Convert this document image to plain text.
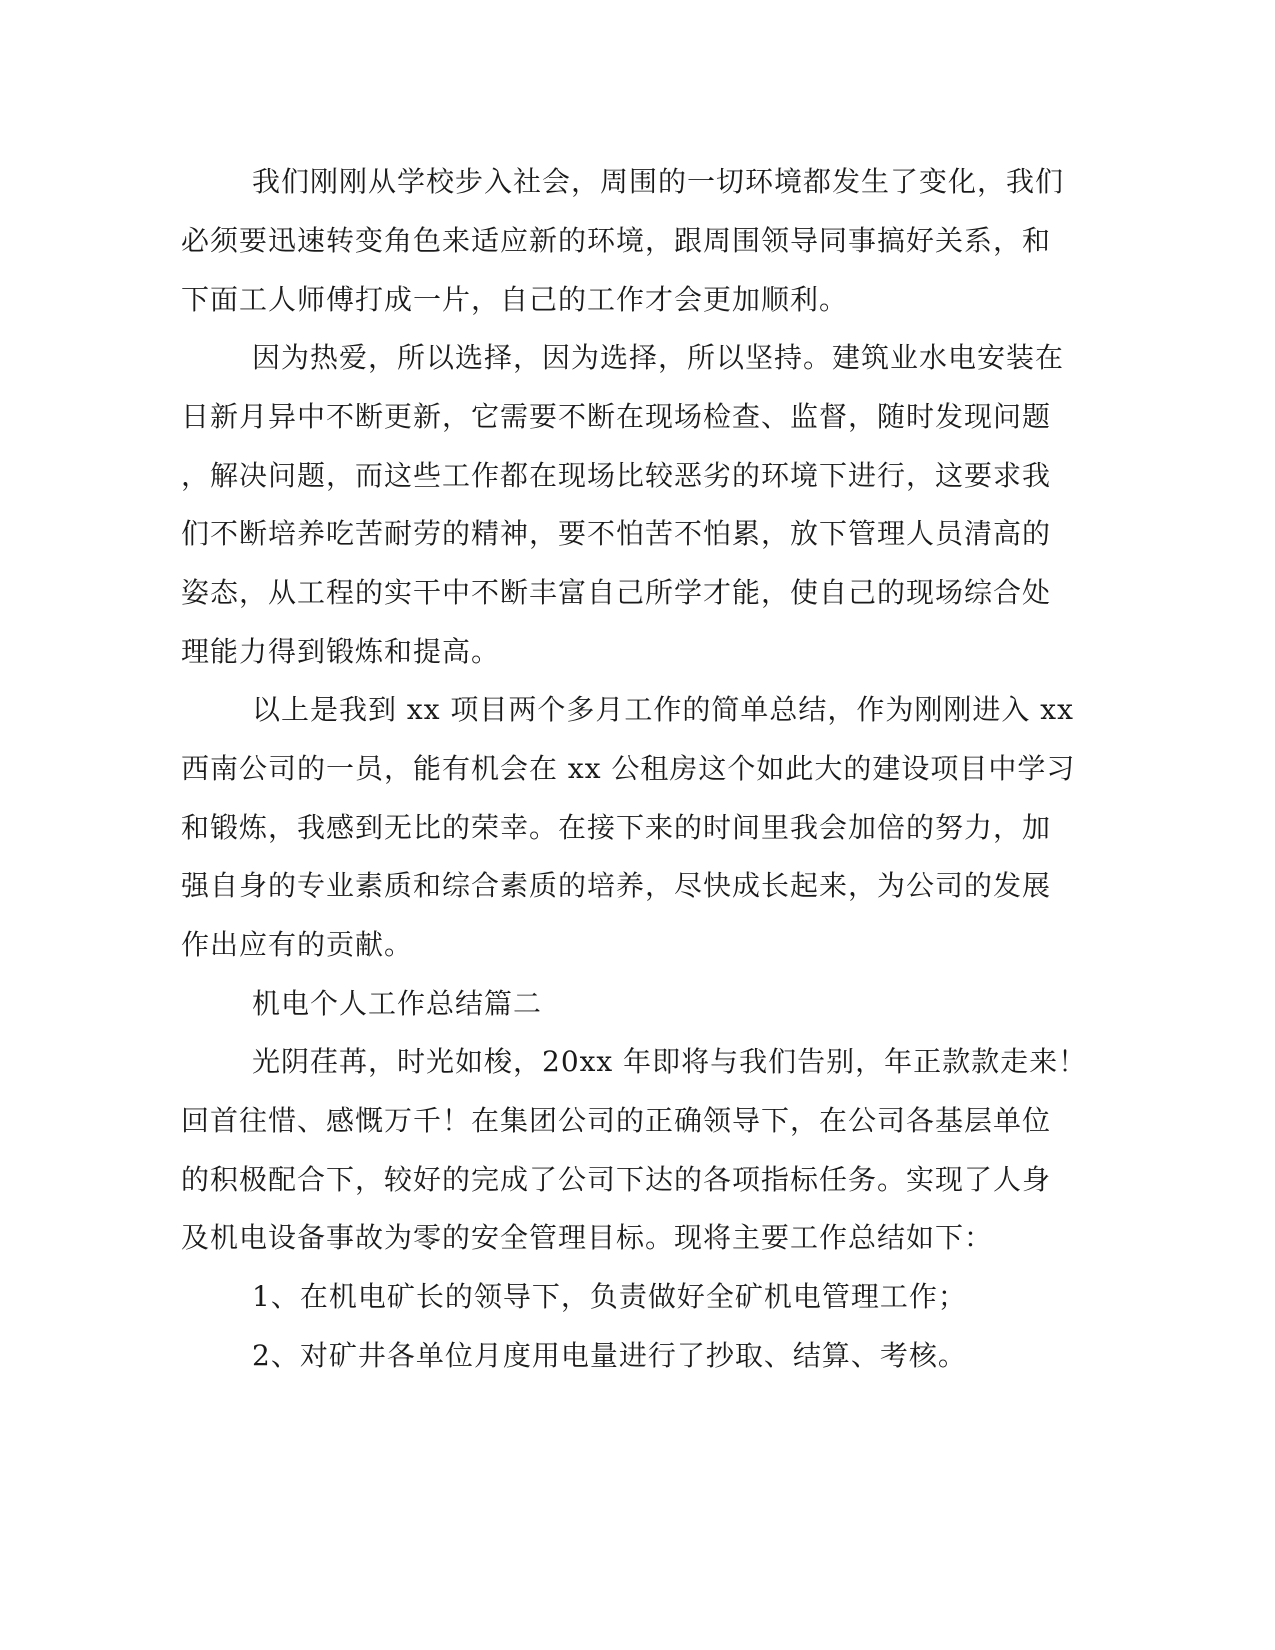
我们刚刚从学校步入社会，周围的一切环境都发生了变化，我们
必须要迅速转变角色来适应新的环境，跟周围领导同事搞好关系，和
下面工人师傅打成一片，自己的工作才会更加顺利。
因为热爱，所以选择，因为选择，所以坚持。建筑业水电安装在
日新月异中不断更新，它需要不断在现场检查、监督，随时发现问题
，解决问题，而这些工作都在现场比较恶劣的环境下进行，这要求我
们不断培养吃苦耐劳的精神，要不怕苦不怕累，放下管理人员清高的
姿态，从工程的实干中不断丰富自己所学才能，使自己的现场综合处
理能力得到锻炼和提高。
以上是我到 xx 项目两个多月工作的简单总结，作为刚刚进入 xx
西南公司的一员，能有机会在 xx 公租房这个如此大的建设项目中学习
和锻炼，我感到无比的荣幸。在接下来的时间里我会加倍的努力，加
强自身的专业素质和综合素质的培养，尽快成长起来，为公司的发展
作出应有的贡献。
机电个人工作总结篇二
光阴荏苒，时光如梭，20xx 年即将与我们告别，年正款款走来！
回首往惜、感慨万千！在集团公司的正确领导下，在公司各基层单位
的积极配合下，较好的完成了公司下达的各项指标任务。实现了人身
及机电设备事故为零的安全管理目标。现将主要工作总结如下：
1、在机电矿长的领导下，负责做好全矿机电管理工作；
2、对矿井各单位月度用电量进行了抄取、结算、考核。
